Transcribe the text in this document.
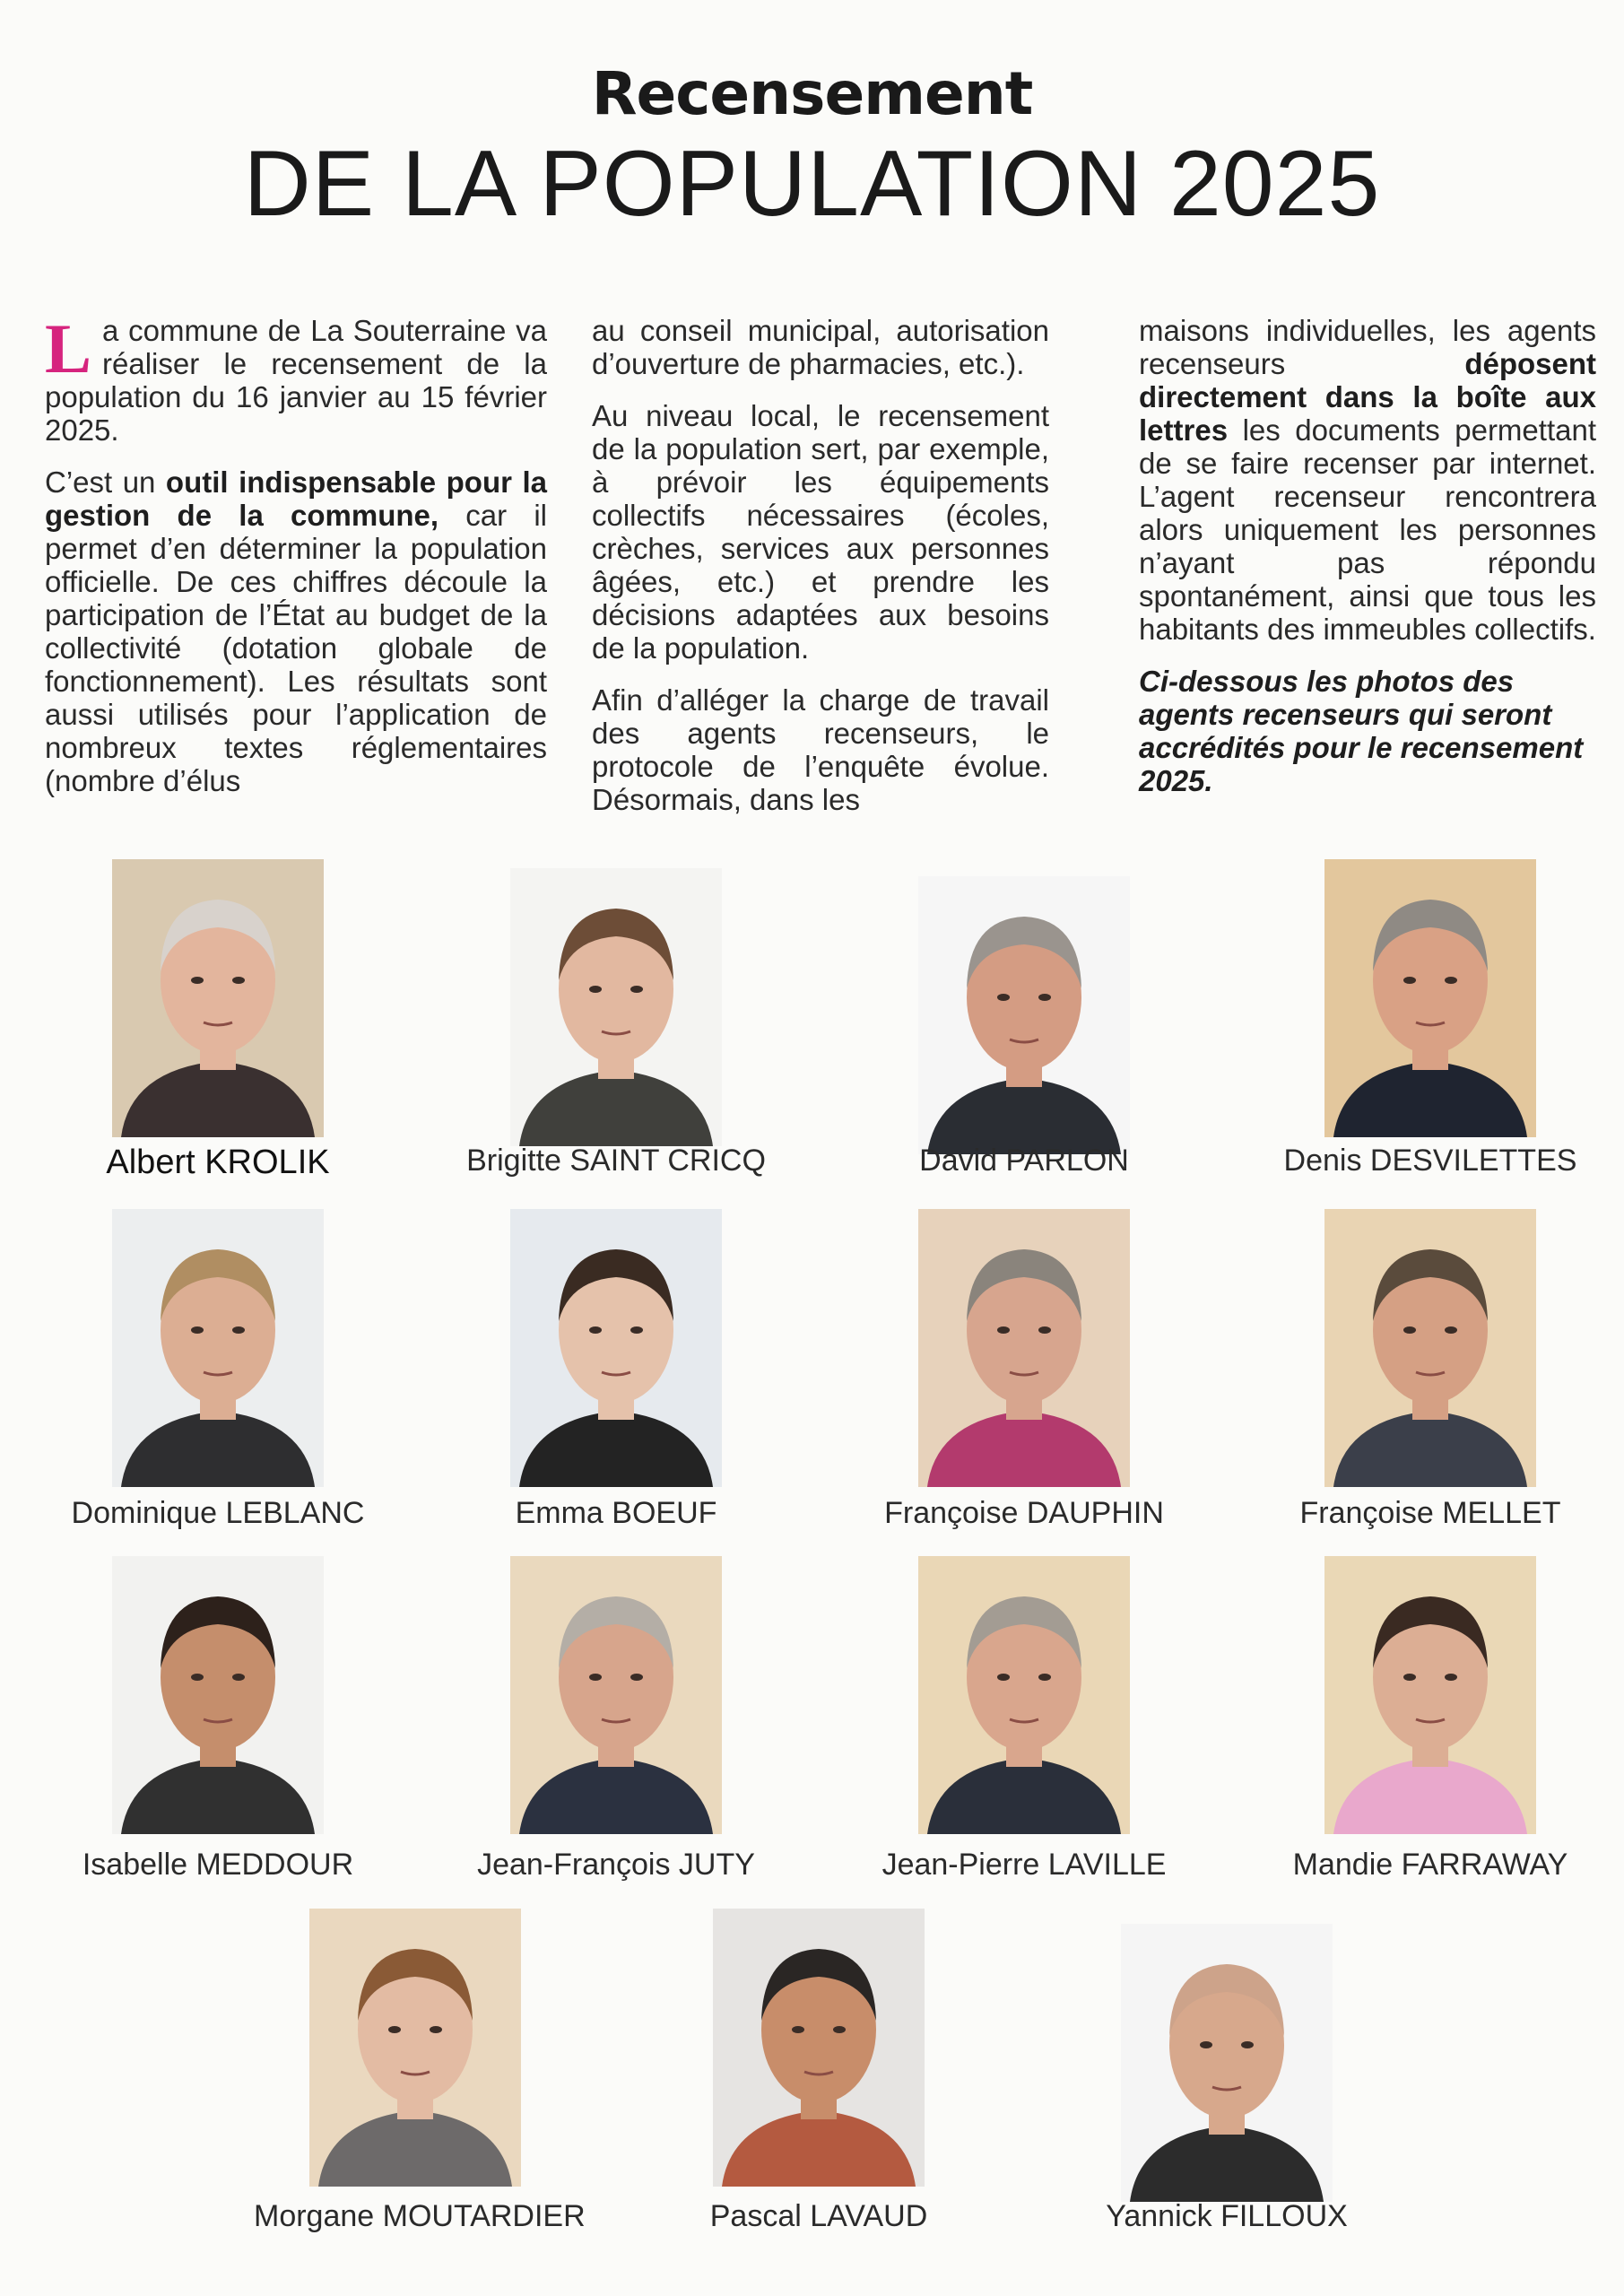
Recensement
DE LA POPULATION 2025

La commune de La Souterraine va réaliser le recensement de la population du 16 janvier au 15 février 2025.

C’est un outil indispensable pour la gestion de la commune, car il permet d’en déterminer la population officielle. De ces chiffres découle la participation de l’État au budget de la collectivité (dotation globale de fonctionnement). Les résultats sont aussi utilisés pour l’application de nombreux textes réglementaires (nombre d’élus

au conseil municipal, autorisation d’ouverture de pharmacies, etc.).

Au niveau local, le recensement de la population sert, par exemple, à prévoir les équipements collectifs nécessaires (écoles, crèches, services aux personnes âgées, etc.) et prendre les décisions adaptées aux besoins de la population.

Afin d’alléger la charge de travail des agents recenseurs, le protocole de l’enquête évolue. Désormais, dans les

maisons individuelles, les agents recenseurs déposent directement dans la boîte aux lettres les documents permettant de se faire recenser par internet. L’agent recenseur rencontrera alors uniquement les personnes n’ayant pas répondu spontanément, ainsi que tous les habitants des immeubles collectifs.

Ci-dessous les photos des agents recenseurs qui seront accrédités pour le recensement 2025.

Albert KROLIK	Brigitte SAINT CRICQ	David PARLON	Denis DESVILETTES
Dominique LEBLANC	Emma BOEUF	Françoise DAUPHIN	Françoise MELLET
Isabelle MEDDOUR	Jean-François JUTY	Jean-Pierre LAVILLE	Mandie FARRAWAY
Morgane MOUTARDIER	Pascal LAVAUD	Yannick FILLOUX
